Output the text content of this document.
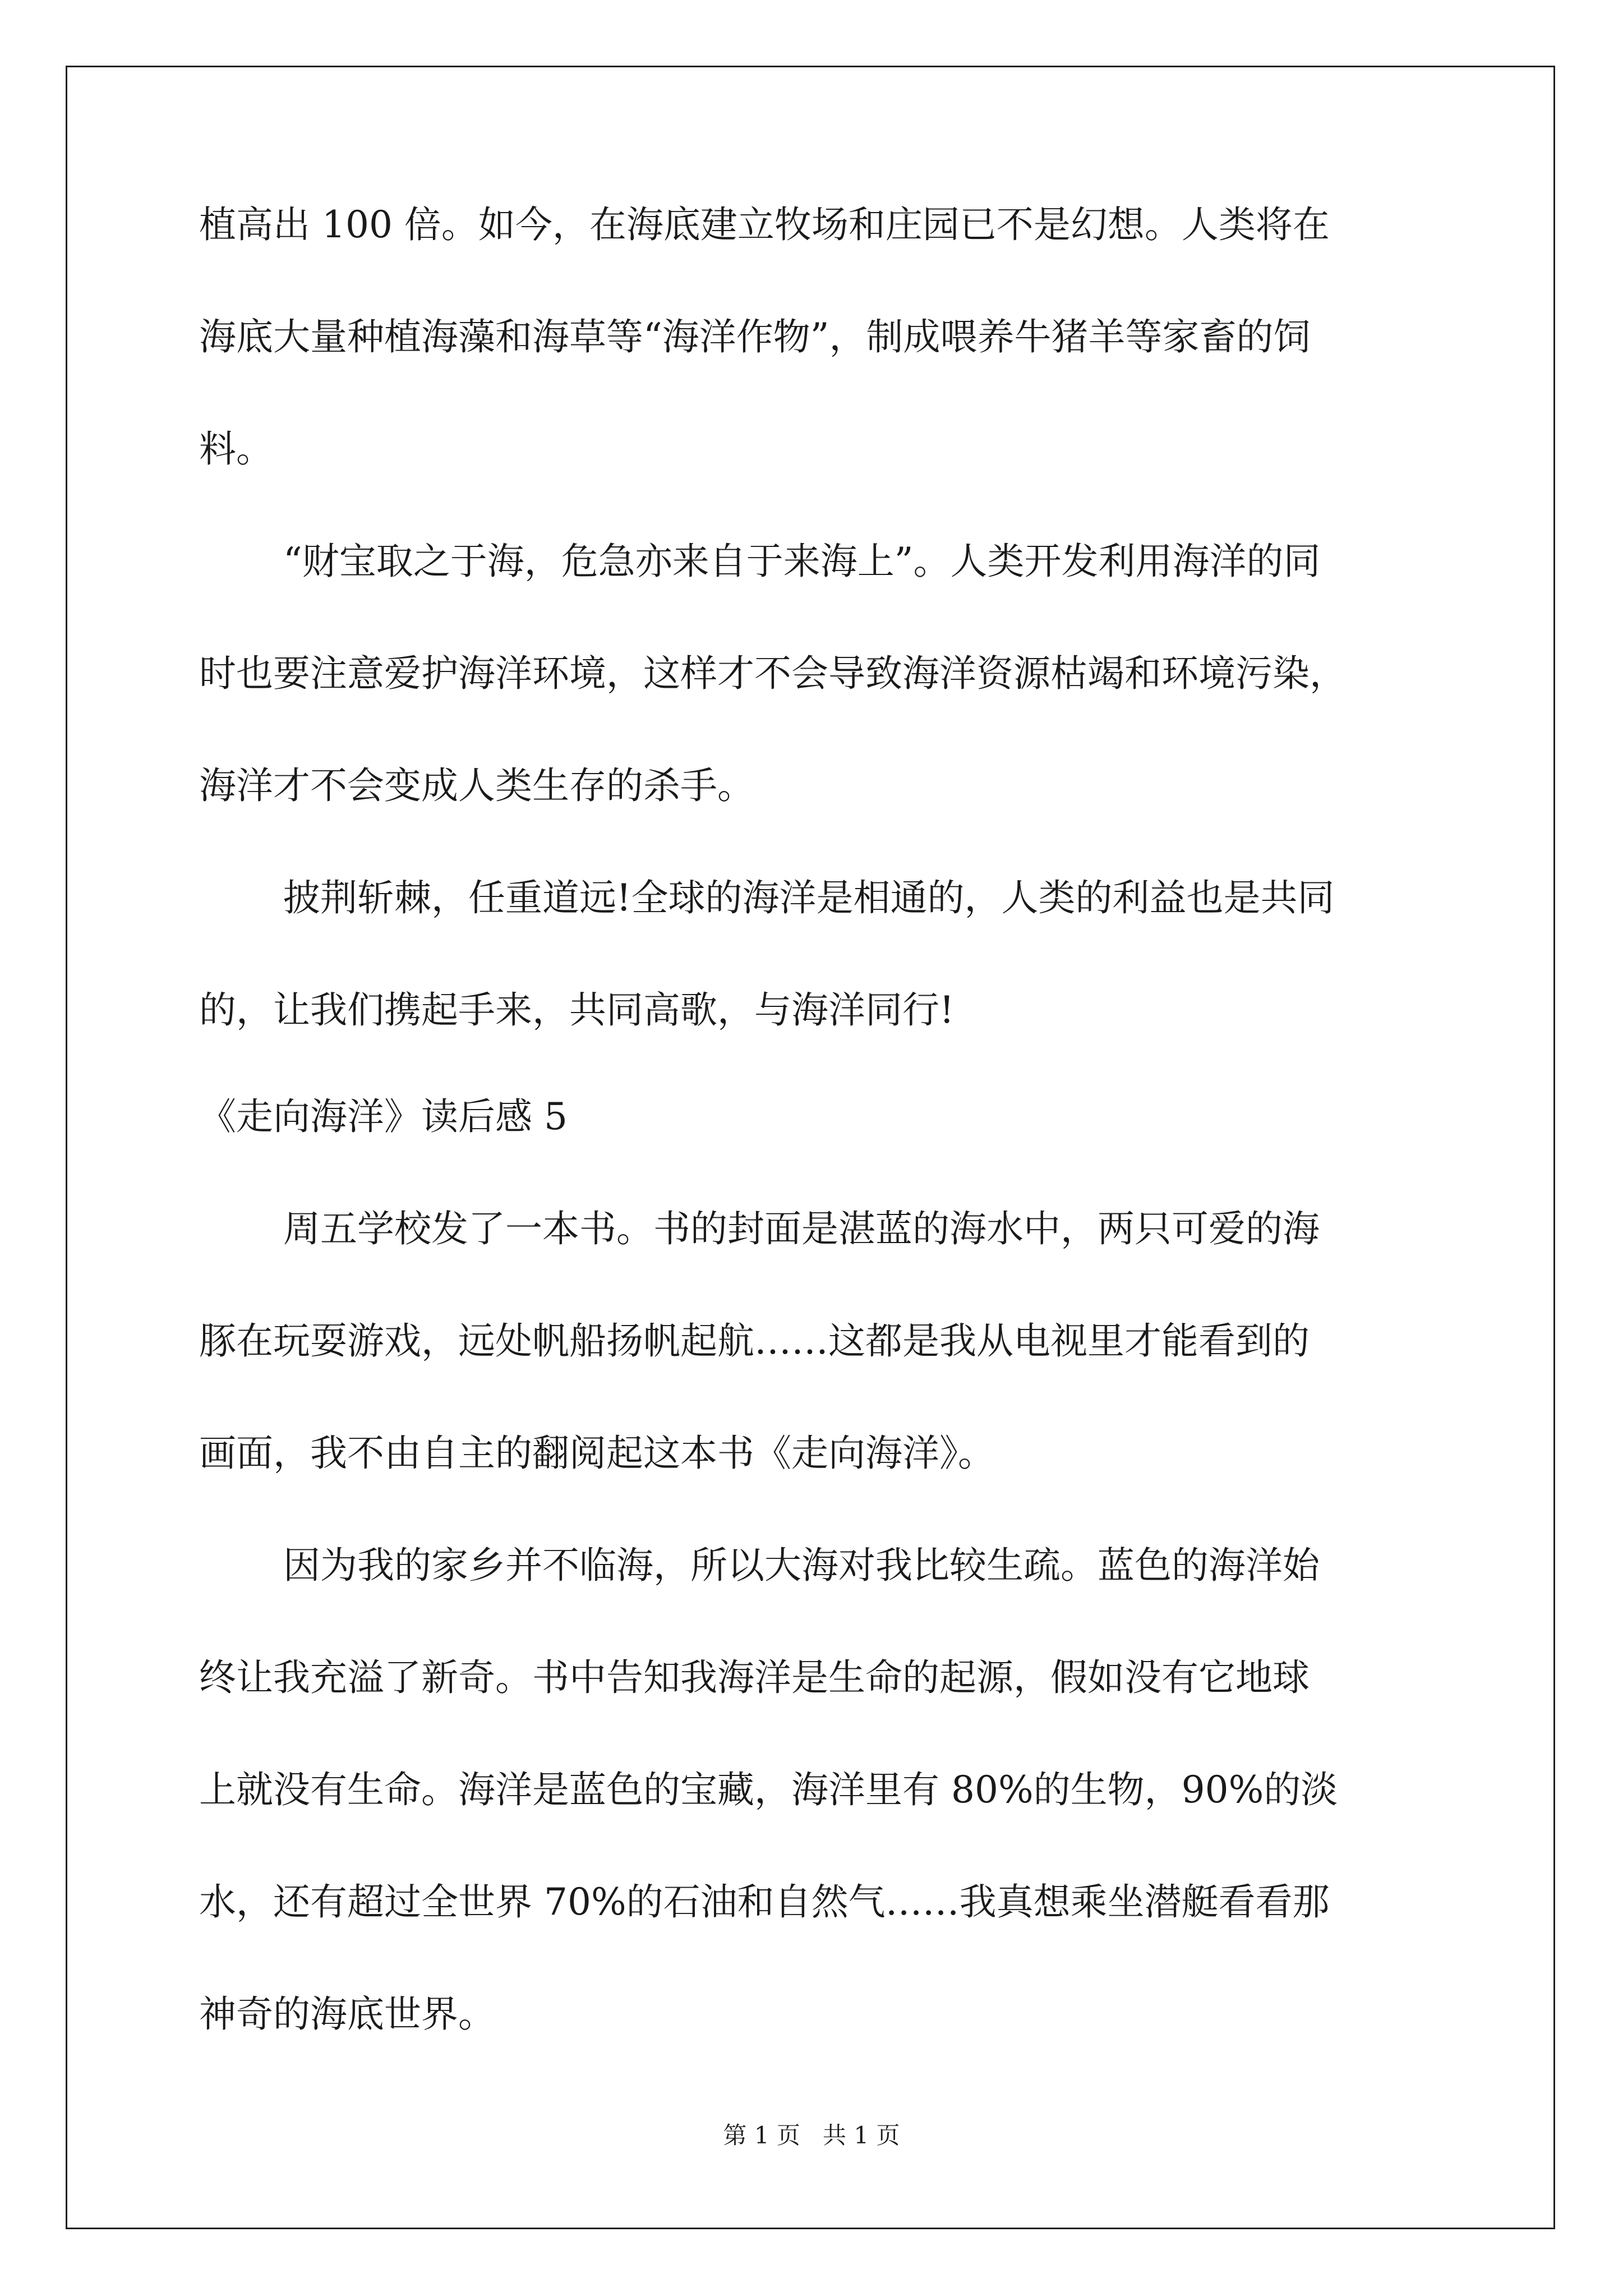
植高出 100 倍。如今，在海底建立牧场和庄园已不是幻想。人类将在

海底大量种植海藻和海草等“海洋作物”，制成喂养牛猪羊等家畜的饲

料。

“财宝取之于海，危急亦来自于来海上”。人类开发利用海洋的同

时也要注意爱护海洋环境，这样才不会导致海洋资源枯竭和环境污染，

海洋才不会变成人类生存的杀手。

披荆斩棘，任重道远!全球的海洋是相通的，人类的利益也是共同

的，让我们携起手来，共同高歌，与海洋同行!

《走向海洋》读后感 5

周五学校发了一本书。书的封面是湛蓝的海水中，两只可爱的海

豚在玩耍游戏，远处帆船扬帆起航……这都是我从电视里才能看到的

画面，我不由自主的翻阅起这本书《走向海洋》。

因为我的家乡并不临海，所以大海对我比较生疏。蓝色的海洋始

终让我充溢了新奇。书中告知我海洋是生命的起源，假如没有它地球

上就没有生命。海洋是蓝色的宝藏，海洋里有 80%的生物，90%的淡

水，还有超过全世界 70%的石油和自然气……我真想乘坐潜艇看看那

神奇的海底世界。

第 1 页   共 1 页
